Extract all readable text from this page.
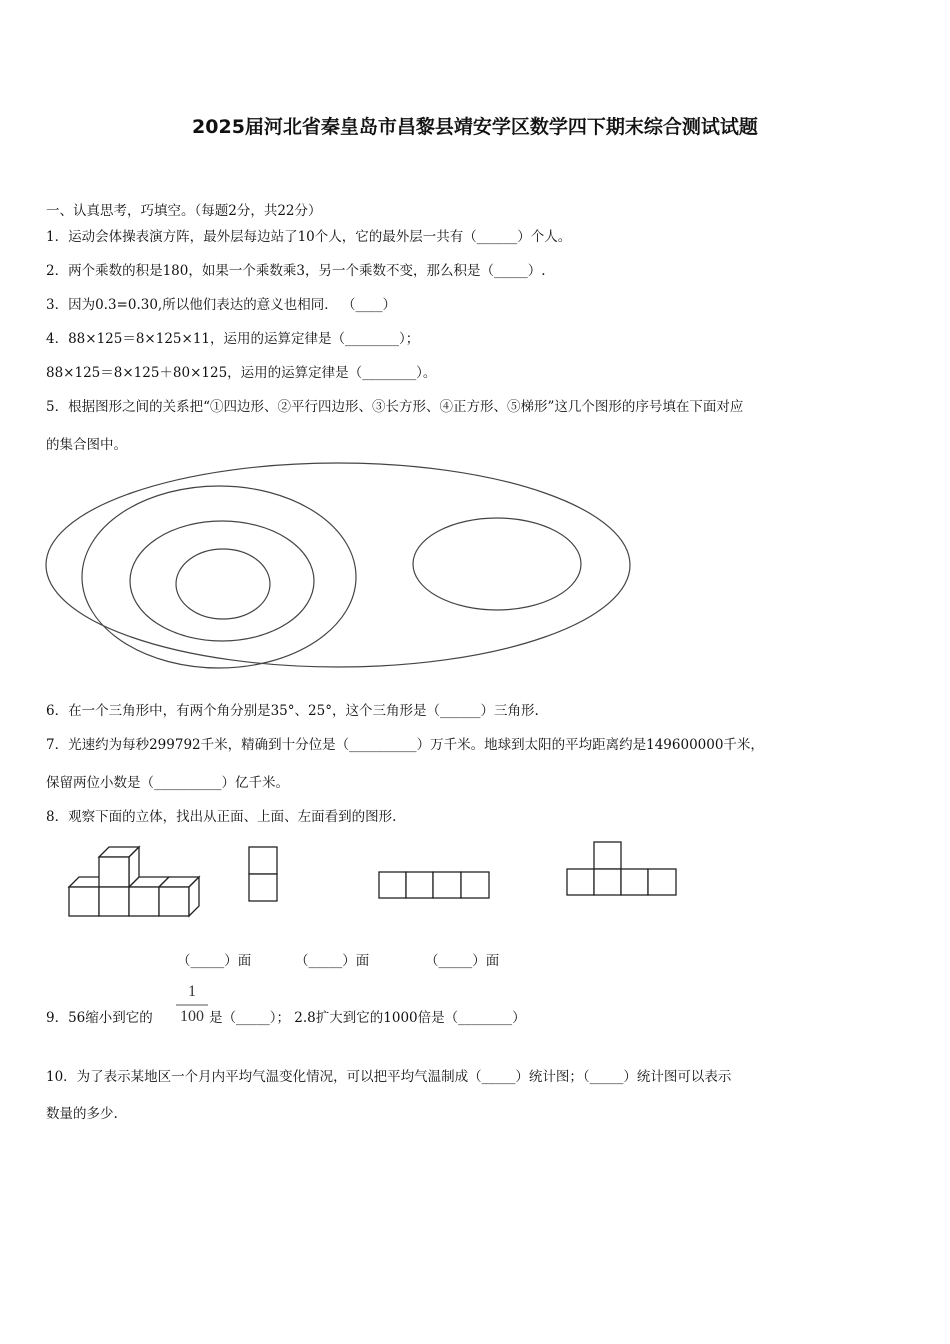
2025届河北省秦皇岛市昌黎县靖安学区数学四下期末综合测试试题
一、认真思考，巧填空。（每题2分，共22分）
1．运动会体操表演方阵，最外层每边站了10个人，它的最外层一共有（______）个人。
2．两个乘数的积是180，如果一个乘数乘3，另一个乘数不变，那么积是（_____）.
3．因为0.3=0.30,所以他们表达的意义也相同． （____）
4．88×125＝8×125×11，运用的运算定律是（________）；
88×125＝8×125＋80×125，运用的运算定律是（________）。
5．根据图形之间的关系把“①四边形、②平行四边形、③长方形、④正方形、⑤梯形”这几个图形的序号填在下面对应
的集合图中。
6．在一个三角形中，有两个角分别是35°、25°，这个三角形是（______）三角形.
7．光速约为每秒299792千米，精确到十分位是（__________）万千米。地球到太阳的平均距离约是149600000千米，
保留两位小数是（__________）亿千米。
8．观察下面的立体，找出从正面、上面、左面看到的图形.
（_____）面	（_____）面	（_____）面
9．56缩小到它的
1
100 是（_____）； 2.8扩大到它的1000倍是（________）
10．为了表示某地区一个月内平均气温变化情况，可以把平均气温制成（_____）统计图；（_____）统计图可以表示
数量的多少.
